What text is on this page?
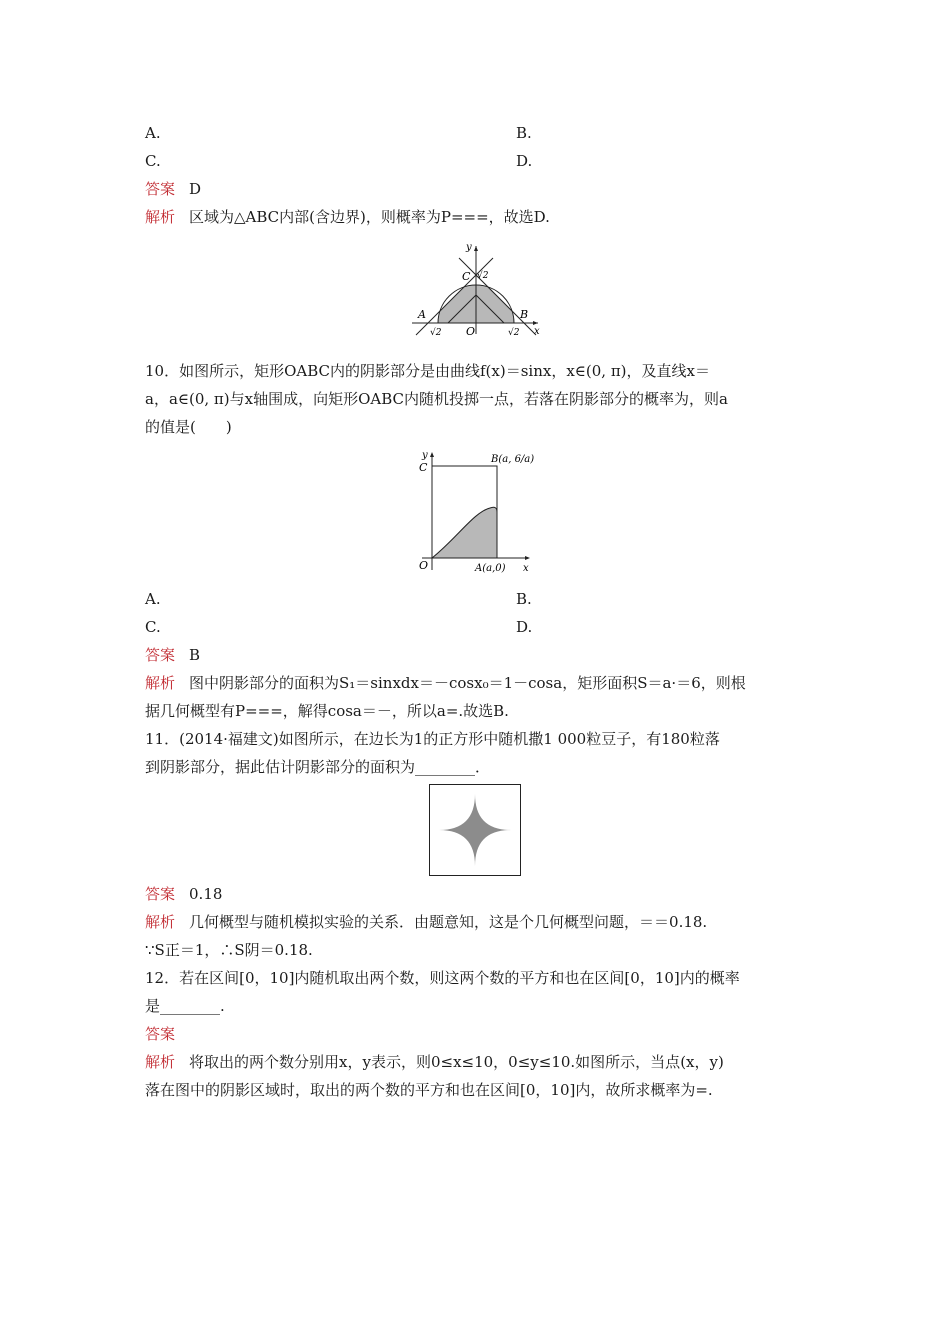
A.	B.
C.	D.
答案 D
解析 区域为△ABC内部(含边界)，则概率为P===，故选D.
y
x
C √2
A	B
√2	√2
O
10．如图所示，矩形OABC内的阴影部分是由曲线f(x)＝sinx，x∈(0, π)，及直线x＝
a，a∈(0, π)与x轴围成，向矩形OABC内随机投掷一点，若落在阴影部分的概率为，则a
的值是(　　)
y
x
C
O
B(a, 6/a)
A(a,0)
A.	B.
C.	D.
答案 B
解析 图中阴影部分的面积为S₁＝sinxdx＝－cosx₀＝1－cosa，矩形面积S＝a·＝6，则根
据几何概型有P===，解得cosa＝－，所以a=.故选B.
11．(2014·福建文)如图所示，在边长为1的正方形中随机撒1 000粒豆子，有180粒落
到阴影部分，据此估计阴影部分的面积为________．
答案 0.18
解析 几何概型与随机模拟实验的关系．由题意知，这是个几何概型问题，＝＝0.18.
∵S正＝1，∴S阴＝0.18.
12．若在区间[0，10]内随机取出两个数，则这两个数的平方和也在区间[0，10]内的概率
是________.
答案
解析 将取出的两个数分别用x，y表示，则0≤x≤10，0≤y≤10.如图所示，当点(x，y)
落在图中的阴影区域时，取出的两个数的平方和也在区间[0，10]内，故所求概率为=.
